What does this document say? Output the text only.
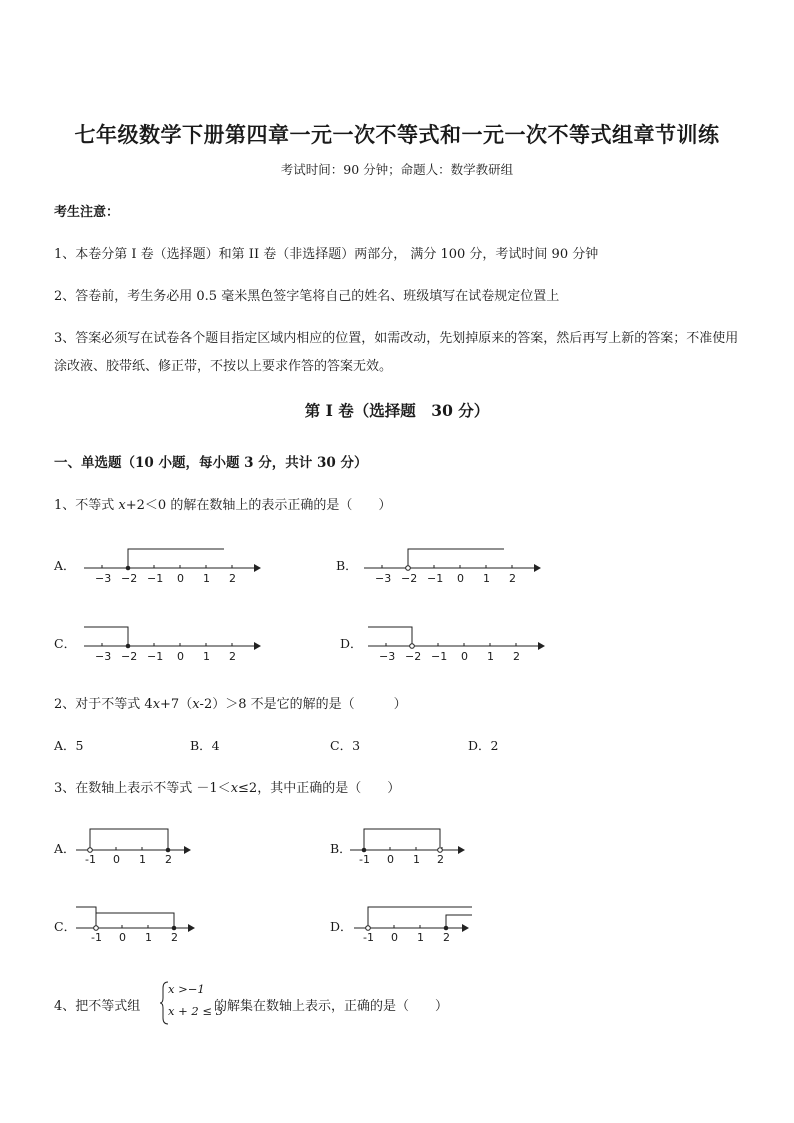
七年级数学下册第四章一元一次不等式和一元一次不等式组章节训练
考试时间：90 分钟；命题人：数学教研组
考生注意：
1、本卷分第 I 卷（选择题）和第 II 卷（非选择题）两部分， 满分 100 分，考试时间 90 分钟
2、答卷前，考生务必用 0.5 毫米黑色签字笔将自己的姓名、班级填写在试卷规定位置上
3、答案必须写在试卷各个题目指定区域内相应的位置，如需改动，先划掉原来的答案，然后再写上新的答案；不准使用涂改液、胶带纸、修正带，不按以上要求作答的答案无效。
第 I 卷（选择题　30 分）
一、单选题（10 小题，每小题 3 分，共计 30 分）
1、不等式 x+2＜0 的解在数轴上的表示正确的是（　　）
A．
−3 −2 −1 0 1 2
B．
−3 −2 −1 0 1 2
C．
−3 −2 −1 0 1 2
D．
−3 −2 −1 0 1 2
2、对于不等式 4x+7（x-2）＞8 不是它的解的是（　　　）
A．5	B．4	C．3	D．2
3、在数轴上表示不等式 －1＜x≤2，其中正确的是（　　）
A．
-1 0 1 2
B．
-1 0 1 2
C．
-1 0 1 2
D．
-1 0 1 2
4、把不等式组
x >−1
x + 2 ≤ 3
的解集在数轴上表示，正确的是（　　）
